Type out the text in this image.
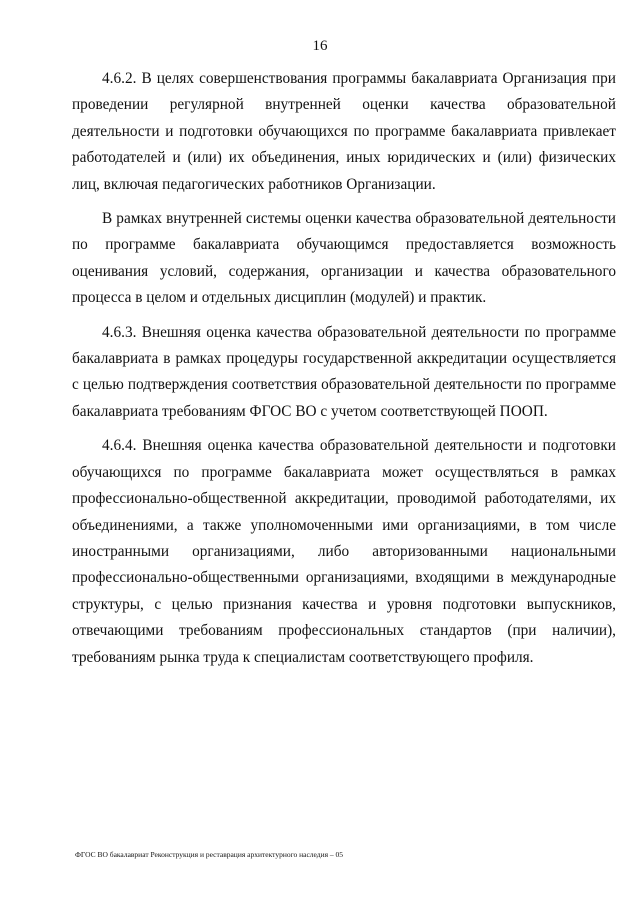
16

4.6.2. В целях совершенствования программы бакалавриата Организация при проведении регулярной внутренней оценки качества образовательной деятельности и подготовки обучающихся по программе бакалавриата привлекает работодателей и (или) их объединения, иных юридических и (или) физических лиц, включая педагогических работников Организации.

В рамках внутренней системы оценки качества образовательной деятельности по программе бакалавриата обучающимся предоставляется возможность оценивания условий, содержания, организации и качества образовательного процесса в целом и отдельных дисциплин (модулей) и практик.

4.6.3. Внешняя оценка качества образовательной деятельности по программе бакалавриата в рамках процедуры государственной аккредитации осуществляется с целью подтверждения соответствия образовательной деятельности по программе бакалавриата требованиям ФГОС ВО с учетом соответствующей ПООП.

4.6.4. Внешняя оценка качества образовательной деятельности и подготовки обучающихся по программе бакалавриата может осуществляться в рамках профессионально-общественной аккредитации, проводимой работодателями, их объединениями, а также уполномоченными ими организациями, в том числе иностранными организациями, либо авторизованными национальными профессионально-общественными организациями, входящими в международные структуры, с целью признания качества и уровня подготовки выпускников, отвечающими требованиям профессиональных стандартов (при наличии), требованиям рынка труда к специалистам соответствующего профиля.

ФГОС ВО бакалавриат Реконструкция и реставрация архитектурного наследия – 05
